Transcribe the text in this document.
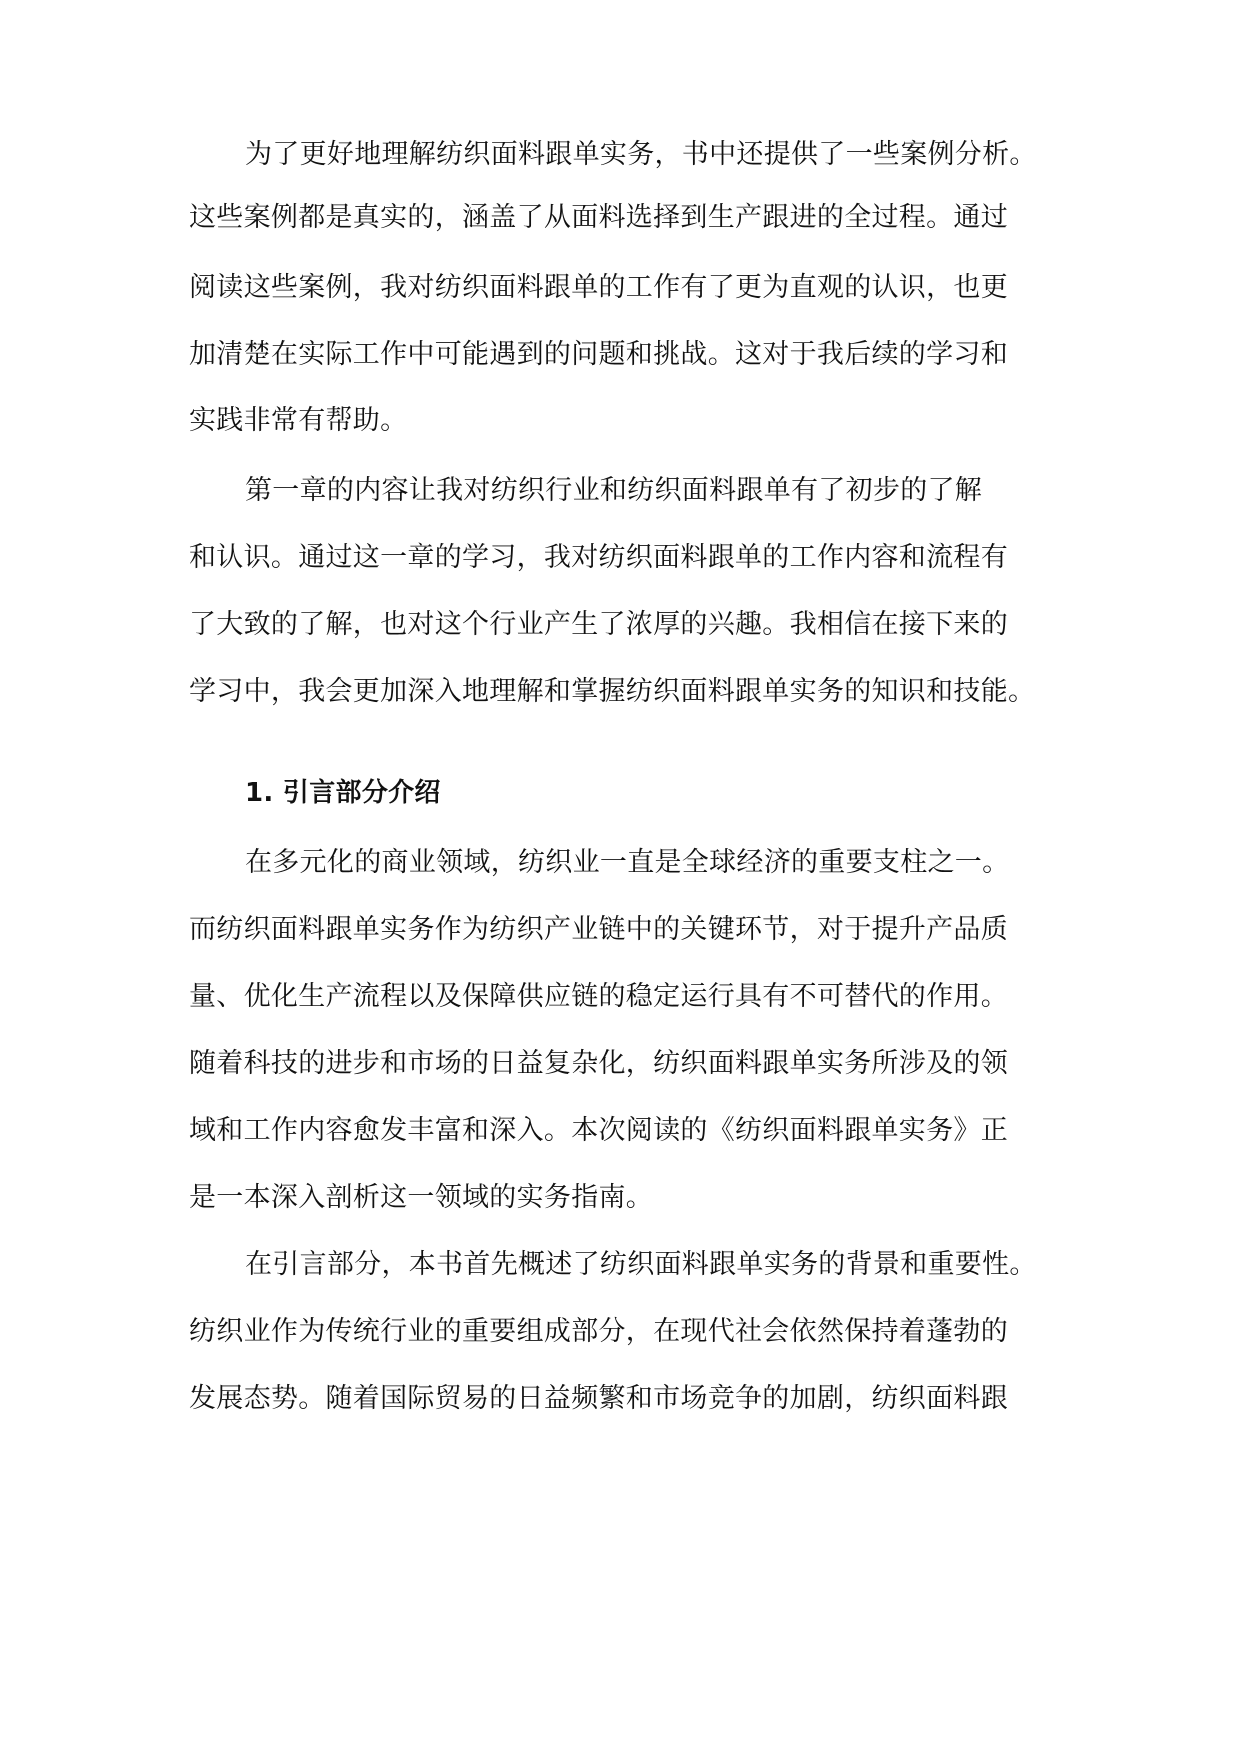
为了更好地理解纺织面料跟单实务，书中还提供了一些案例分析。
这些案例都是真实的，涵盖了从面料选择到生产跟进的全过程。通过
阅读这些案例，我对纺织面料跟单的工作有了更为直观的认识，也更
加清楚在实际工作中可能遇到的问题和挑战。这对于我后续的学习和
实践非常有帮助。
第一章的内容让我对纺织行业和纺织面料跟单有了初步的了解
和认识。通过这一章的学习，我对纺织面料跟单的工作内容和流程有
了大致的了解，也对这个行业产生了浓厚的兴趣。我相信在接下来的
学习中，我会更加深入地理解和掌握纺织面料跟单实务的知识和技能。
1. 引言部分介绍
在多元化的商业领域，纺织业一直是全球经济的重要支柱之一。
而纺织面料跟单实务作为纺织产业链中的关键环节，对于提升产品质
量、优化生产流程以及保障供应链的稳定运行具有不可替代的作用。
随着科技的进步和市场的日益复杂化，纺织面料跟单实务所涉及的领
域和工作内容愈发丰富和深入。本次阅读的《纺织面料跟单实务》正
是一本深入剖析这一领域的实务指南。
在引言部分，本书首先概述了纺织面料跟单实务的背景和重要性。
纺织业作为传统行业的重要组成部分，在现代社会依然保持着蓬勃的
发展态势。随着国际贸易的日益频繁和市场竞争的加剧，纺织面料跟
